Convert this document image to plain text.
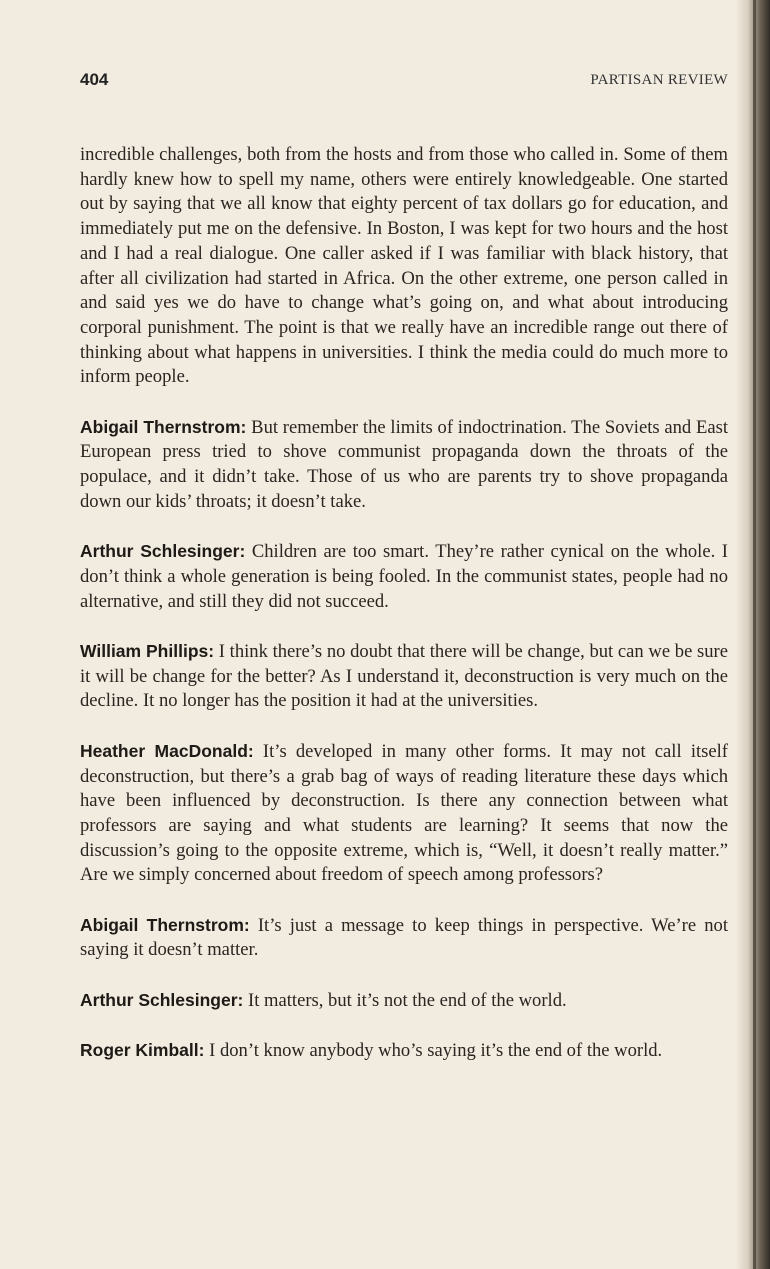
404	PARTISAN REVIEW

incredible challenges, both from the hosts and from those who called in. Some of them hardly knew how to spell my name, others were entirely knowledgeable. One started out by saying that we all know that eighty percent of tax dollars go for education, and immediately put me on the defensive. In Boston, I was kept for two hours and the host and I had a real dialogue. One caller asked if I was familiar with black history, that after all civilization had started in Africa. On the other extreme, one person called in and said yes we do have to change what’s going on, and what about introducing corporal punishment. The point is that we really have an incredible range out there of thinking about what happens in universities. I think the media could do much more to inform people.

Abigail Thernstrom: But remember the limits of indoctrination. The Soviets and East European press tried to shove communist propaganda down the throats of the populace, and it didn’t take. Those of us who are parents try to shove propaganda down our kids’ throats; it doesn’t take.

Arthur Schlesinger: Children are too smart. They’re rather cynical on the whole. I don’t think a whole generation is being fooled. In the communist states, people had no alternative, and still they did not succeed.

William Phillips: I think there’s no doubt that there will be change, but can we be sure it will be change for the better? As I understand it, deconstruction is very much on the decline. It no longer has the position it had at the universities.

Heather MacDonald: It’s developed in many other forms. It may not call itself deconstruction, but there’s a grab bag of ways of reading literature these days which have been influenced by deconstruction. Is there any connection between what professors are saying and what students are learning? It seems that now the discussion’s going to the opposite extreme, which is, “Well, it doesn’t really matter.” Are we simply concerned about freedom of speech among professors?

Abigail Thernstrom: It’s just a message to keep things in perspective. We’re not saying it doesn’t matter.

Arthur Schlesinger: It matters, but it’s not the end of the world.

Roger Kimball: I don’t know anybody who’s saying it’s the end of the world.
